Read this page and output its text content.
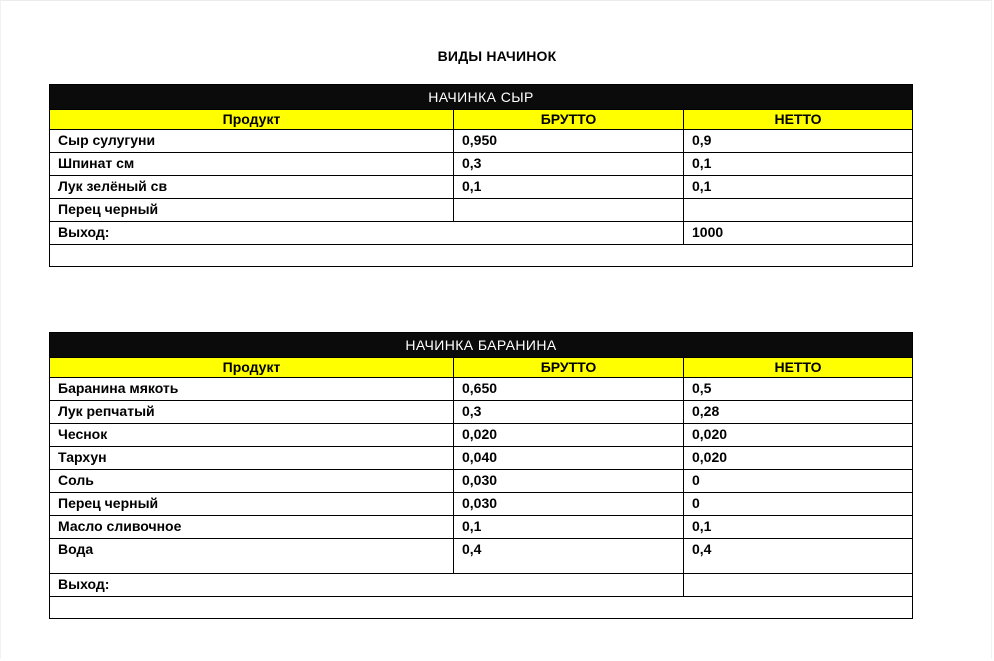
ВИДЫ НАЧИНОК
НАЧИНКА СЫР		
Продукт	БРУТТО	НЕТТО
Сыр сулугуни	0,950	0,9
Шпинат см	0,3	0,1
Лук зелёный св	0,1	0,1
Перец черный		
Выход:		1000

НАЧИНКА БАРАНИНА		
Продукт	БРУТТО	НЕТТО
Баранина мякоть	0,650	0,5
Лук репчатый	0,3	0,28
Чеснок	0,020	0,020
Тархун	0,040	0,020
Соль	0,030	0
Перец черный	0,030	0
Масло сливочное	0,1	0,1
Вода	0,4	0,4
Выход:		
